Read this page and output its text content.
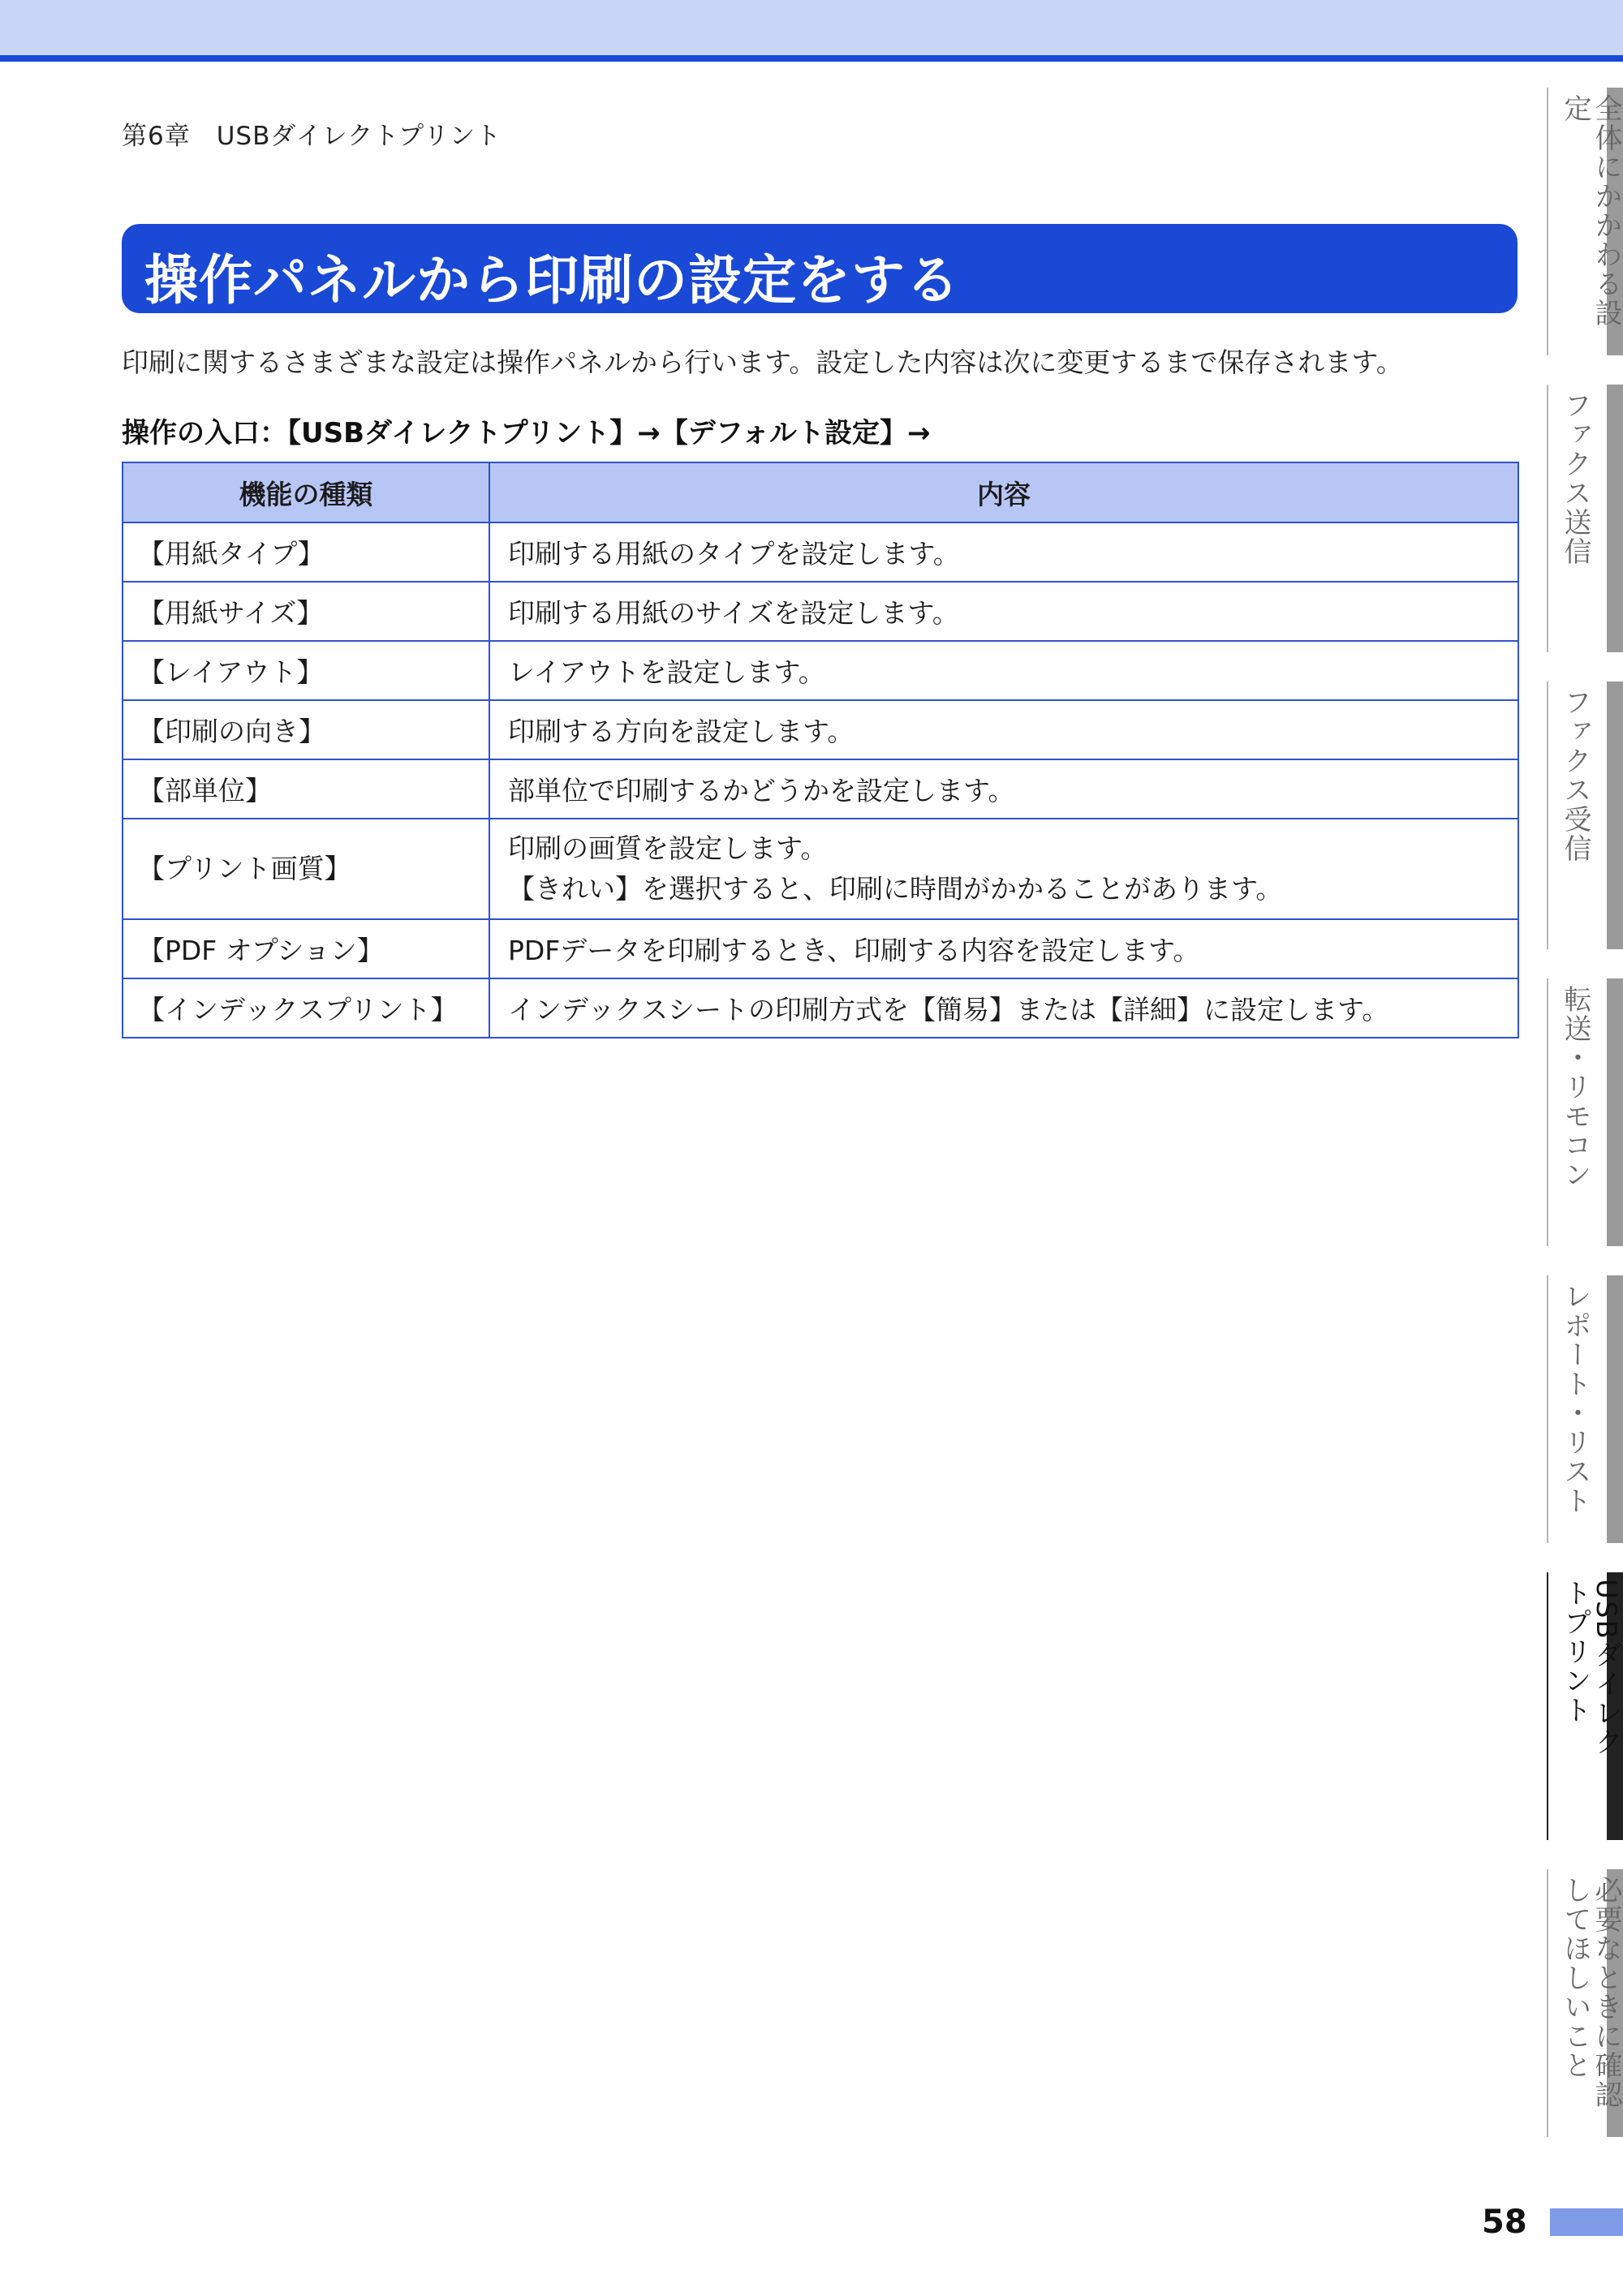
第6章　USBダイレクトプリント
操作パネルから印刷の設定をする
印刷に関するさまざまな設定は操作パネルから行います。設定した内容は次に変更するまで保存されます。
操作の入口：【USBダイレクトプリント】→【デフォルト設定】→
機能の種類	内容
【用紙タイプ】	印刷する用紙のタイプを設定します。
【用紙サイズ】	印刷する用紙のサイズを設定します。
【レイアウト】	レイアウトを設定します。
【印刷の向き】	印刷する方向を設定します。
【部単位】	部単位で印刷するかどうかを設定します。
【プリント画質】	印刷の画質を設定します。
【きれい】を選択すると、印刷に時間がかかることがあります。

【PDF オプション】	PDFデータを印刷するとき、印刷する内容を設定します。
【インデックスプリント】	インデックスシートの印刷方式を【簡易】または【詳細】に設定します。
全体にかかわる設定
ファクス送信
ファクス受信
転送・リモコン
レポート・リスト
USBダイレクトプリント
必要なときに確認してほしいこと
58
